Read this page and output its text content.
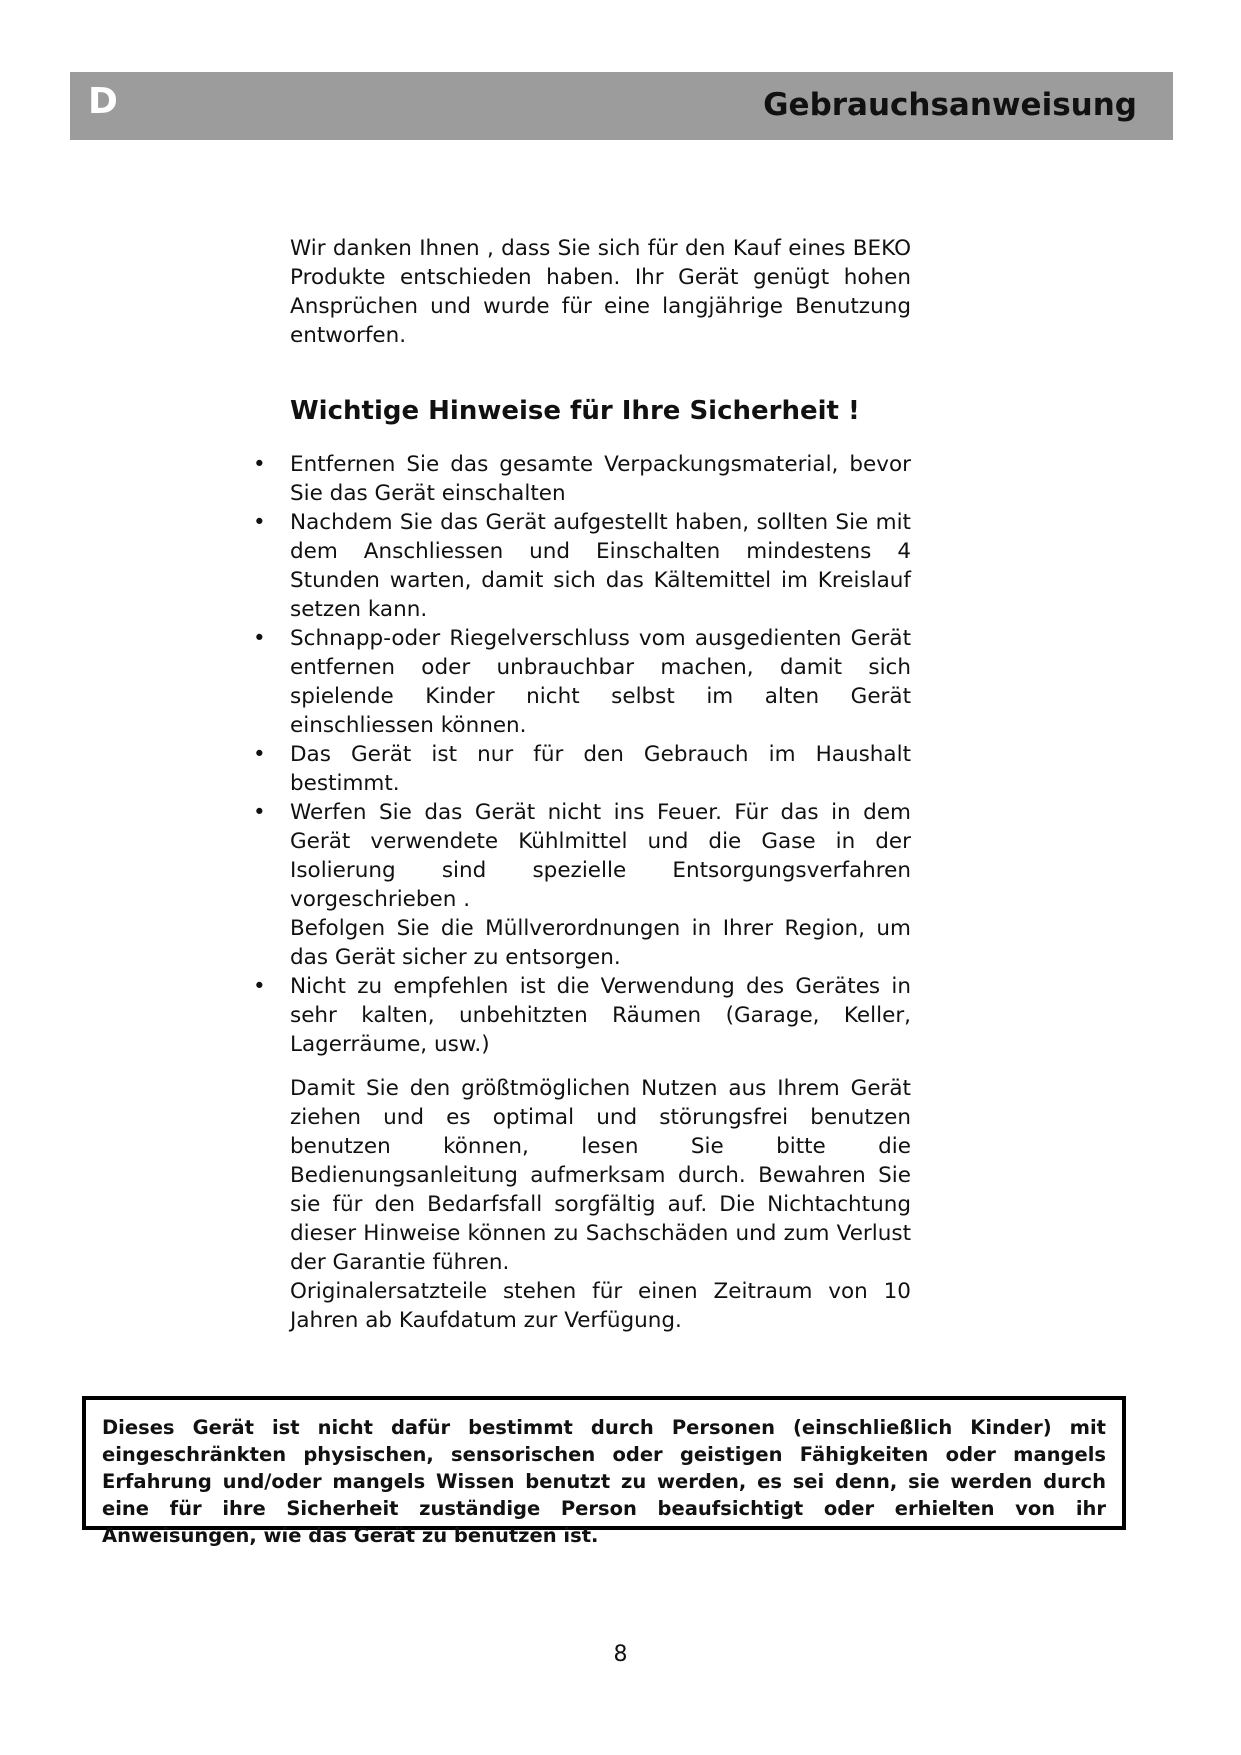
D	Gebrauchsanweisung

Wir danken Ihnen , dass Sie sich für den Kauf eines BEKO Produkte entschieden haben. Ihr Gerät genügt hohen Ansprüchen und wurde für eine langjährige Benutzung entworfen.

Wichtige Hinweise für Ihre Sicherheit !
• Entfernen Sie das gesamte Verpackungsmaterial, bevor Sie das Gerät einschalten
• Nachdem Sie das Gerät aufgestellt haben, sollten Sie mit dem Anschliessen und Einschalten mindestens 4 Stunden warten, damit sich das Kältemittel im Kreislauf setzen kann.
• Schnapp-oder Riegelverschluss vom ausgedienten Gerät entfernen oder unbrauchbar machen, damit sich spielende Kinder nicht selbst im alten Gerät einschliessen können.
• Das Gerät ist nur für den Gebrauch im Haushalt bestimmt.
• Werfen Sie das Gerät nicht ins Feuer. Für das in dem Gerät verwendete Kühlmittel und die Gase in der Isolierung sind spezielle Entsorgungsverfahren vorgeschrieben .
Befolgen Sie die Müllverordnungen in Ihrer Region, um das Gerät sicher zu entsorgen.
• Nicht zu empfehlen ist die Verwendung des Gerätes in sehr kalten, unbehitzten Räumen (Garage, Keller, Lagerräume, usw.)

Damit Sie den größtmöglichen Nutzen aus Ihrem Gerät ziehen und es optimal und störungsfrei benutzen benutzen können, lesen Sie bitte die Bedienungsanleitung aufmerksam durch. Bewahren Sie sie für den Bedarfsfall sorgfältig auf. Die Nichtachtung dieser Hinweise können zu Sachschäden und zum Verlust der Garantie führen.
Originalersatzteile stehen für einen Zeitraum von 10 Jahren ab Kaufdatum zur Verfügung.

Dieses Gerät ist nicht dafür bestimmt durch Personen (einschließlich Kinder) mit eingeschränkten physischen, sensorischen oder geistigen Fähigkeiten oder mangels Erfahrung und/oder mangels Wissen benutzt zu werden, es sei denn, sie werden durch eine für ihre Sicherheit zuständige Person beaufsichtigt oder erhielten von ihr Anweisungen, wie das Gerät zu benutzen ist.
8
